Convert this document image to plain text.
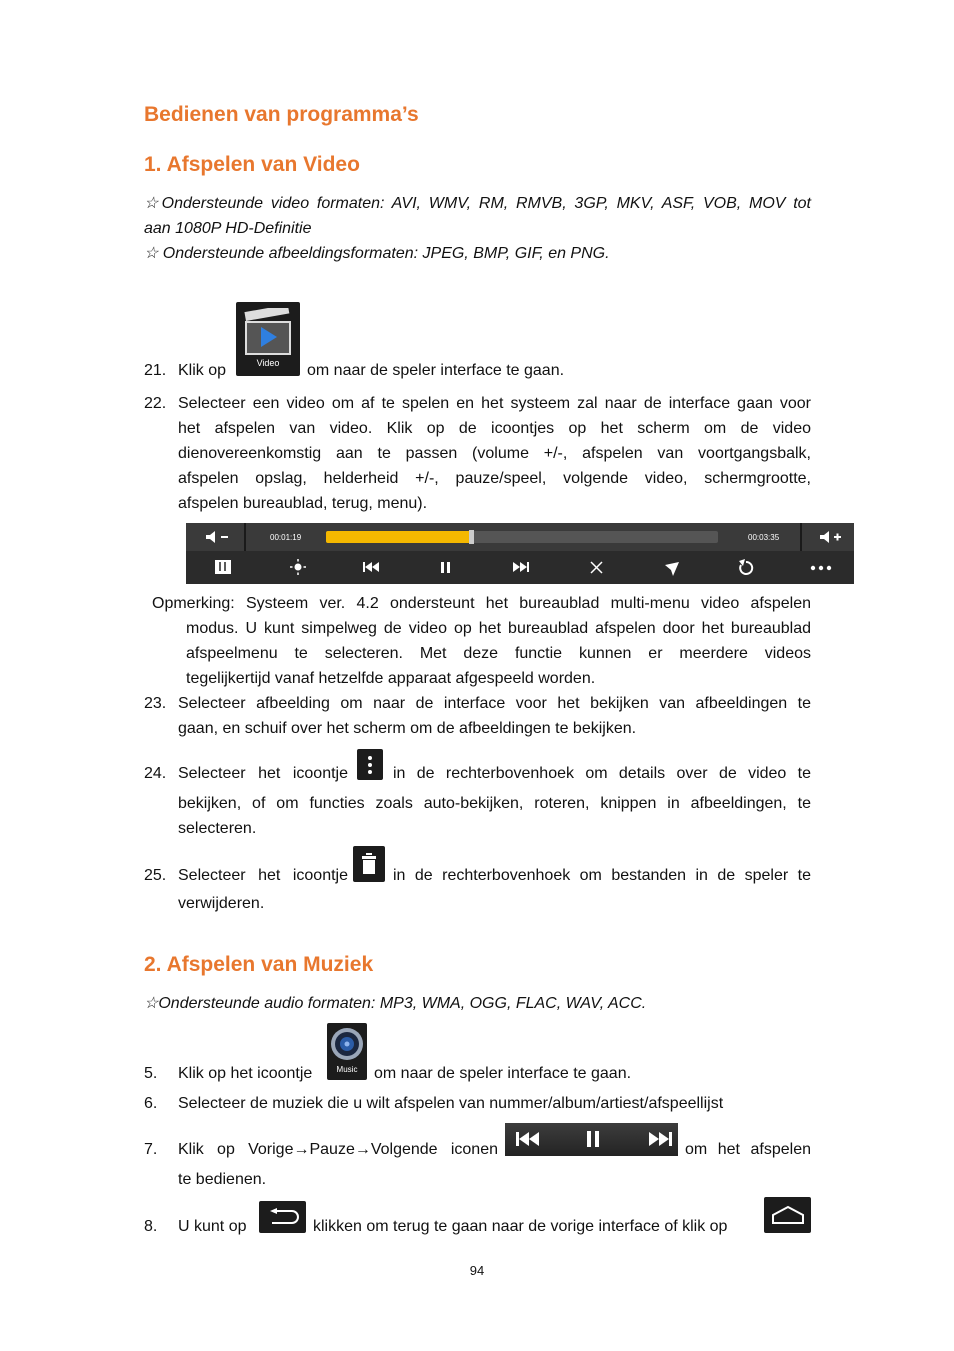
Bedienen van programma’s
1. Afspelen van Video
☆Ondersteunde video formaten: AVI, WMV, RM, RMVB, 3GP, MKV, ASF, VOB, MOV tot
aan 1080P HD-Definitie
☆ Ondersteunde afbeeldingsformaten: JPEG, BMP, GIF, en PNG.
21. Klik op	Video om naar de speler interface te gaan.
22. Selecteer een video om af te spelen en het systeem zal naar de interface gaan voor
het afspelen van video. Klik op de icoontjes op het scherm om de video
dienovereenkomstig aan te passen (volume +/-, afspelen van voortgangsbalk,
afspelen opslag, helderheid +/-, pauze/speel, volgende video, schermgrootte,
afspelen bureaublad, terug, menu).
00:01:19	00:03:35
Opmerking: Systeem ver. 4.2 ondersteunt het bureaublad multi-menu video afspelen
modus. U kunt simpelweg de video op het bureaublad afspelen door het bureaublad
afspeelmenu te selecteren. Met deze functie kunnen er meerdere videos
tegelijkertijd vanaf hetzelfde apparaat afgespeeld worden.
23. Selecteer afbeelding om naar de interface voor het bekijken van afbeeldingen te
gaan, en schuif over het scherm om de afbeeldingen te bekijken.
24. Selecteer het icoontje	in de rechterbovenhoek om details over de video te
bekijken, of om functies zoals auto-bekijken, roteren, knippen in afbeeldingen, te
selecteren.
25. Selecteer het icoontje	in de rechterbovenhoek om bestanden in de speler te
verwijderen.
2. Afspelen van Muziek
☆Ondersteunde audio formaten: MP3, WMA, OGG, FLAC, WAV, ACC.
5. Klik op het icoontje	Music om naar de speler interface te gaan.
6. Selecteer de muziek die u wilt afspelen van nummer/album/artiest/afspeellijst
7. Klik op Vorige→Pauze→Volgende iconen	om het afspelen
te bedienen.
8. U kunt op	klikken om terug te gaan naar de vorige interface of klik op
94
